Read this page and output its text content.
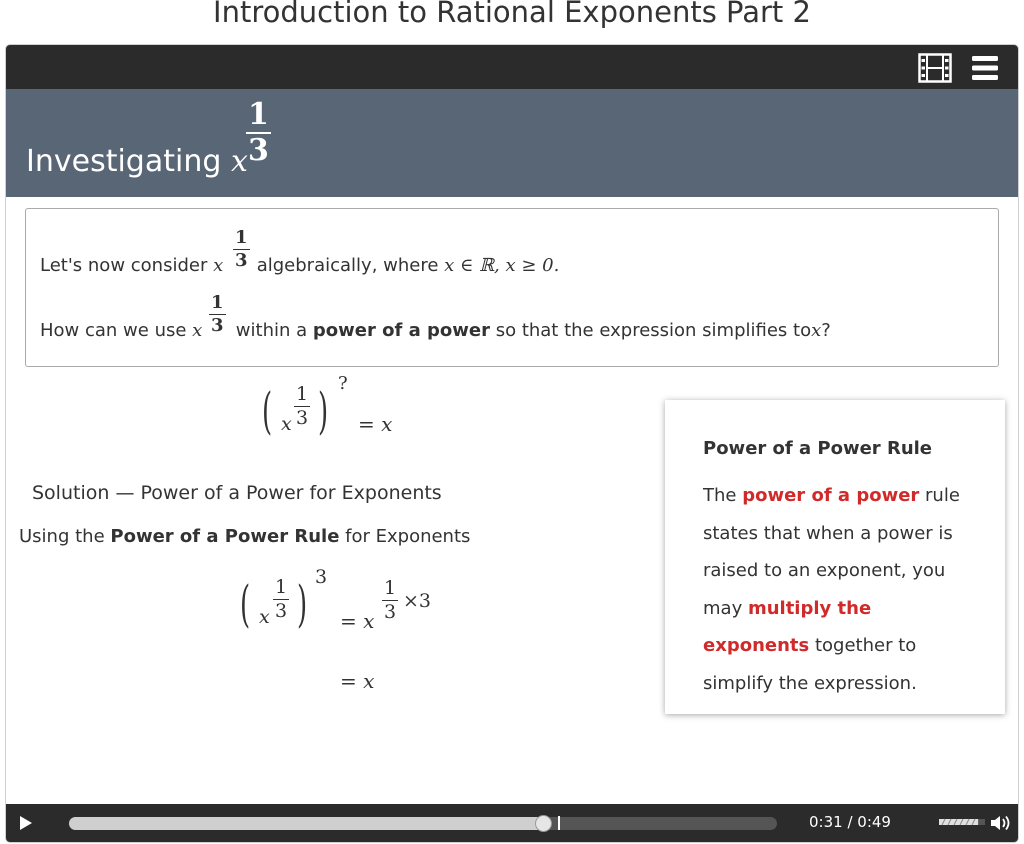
Introduction to Rational Exponents Part 2
Investigating x
$\frac{1}{3}$
Let's now consider x algebraically, where x ∈ ℝ, x ≥ 0.
$\frac{1}{3}$
How can we use x within a power of a power so that the expression simplifies tox?
$\frac{1}{3}$
( x $\frac{1}{3}$ )
?
= x
Solution — Power of a Power for Exponents
Using the Power of a Power Rule for Exponents
( x $\frac{1}{3}$ )
3
= x $\frac{1}{3} \times 3$
= x
Power of a Power Rule
The power of a power rule states that when a power is raised to an exponent, you may multiply the exponents together to simplify the expression.
0:31 / 0:49
